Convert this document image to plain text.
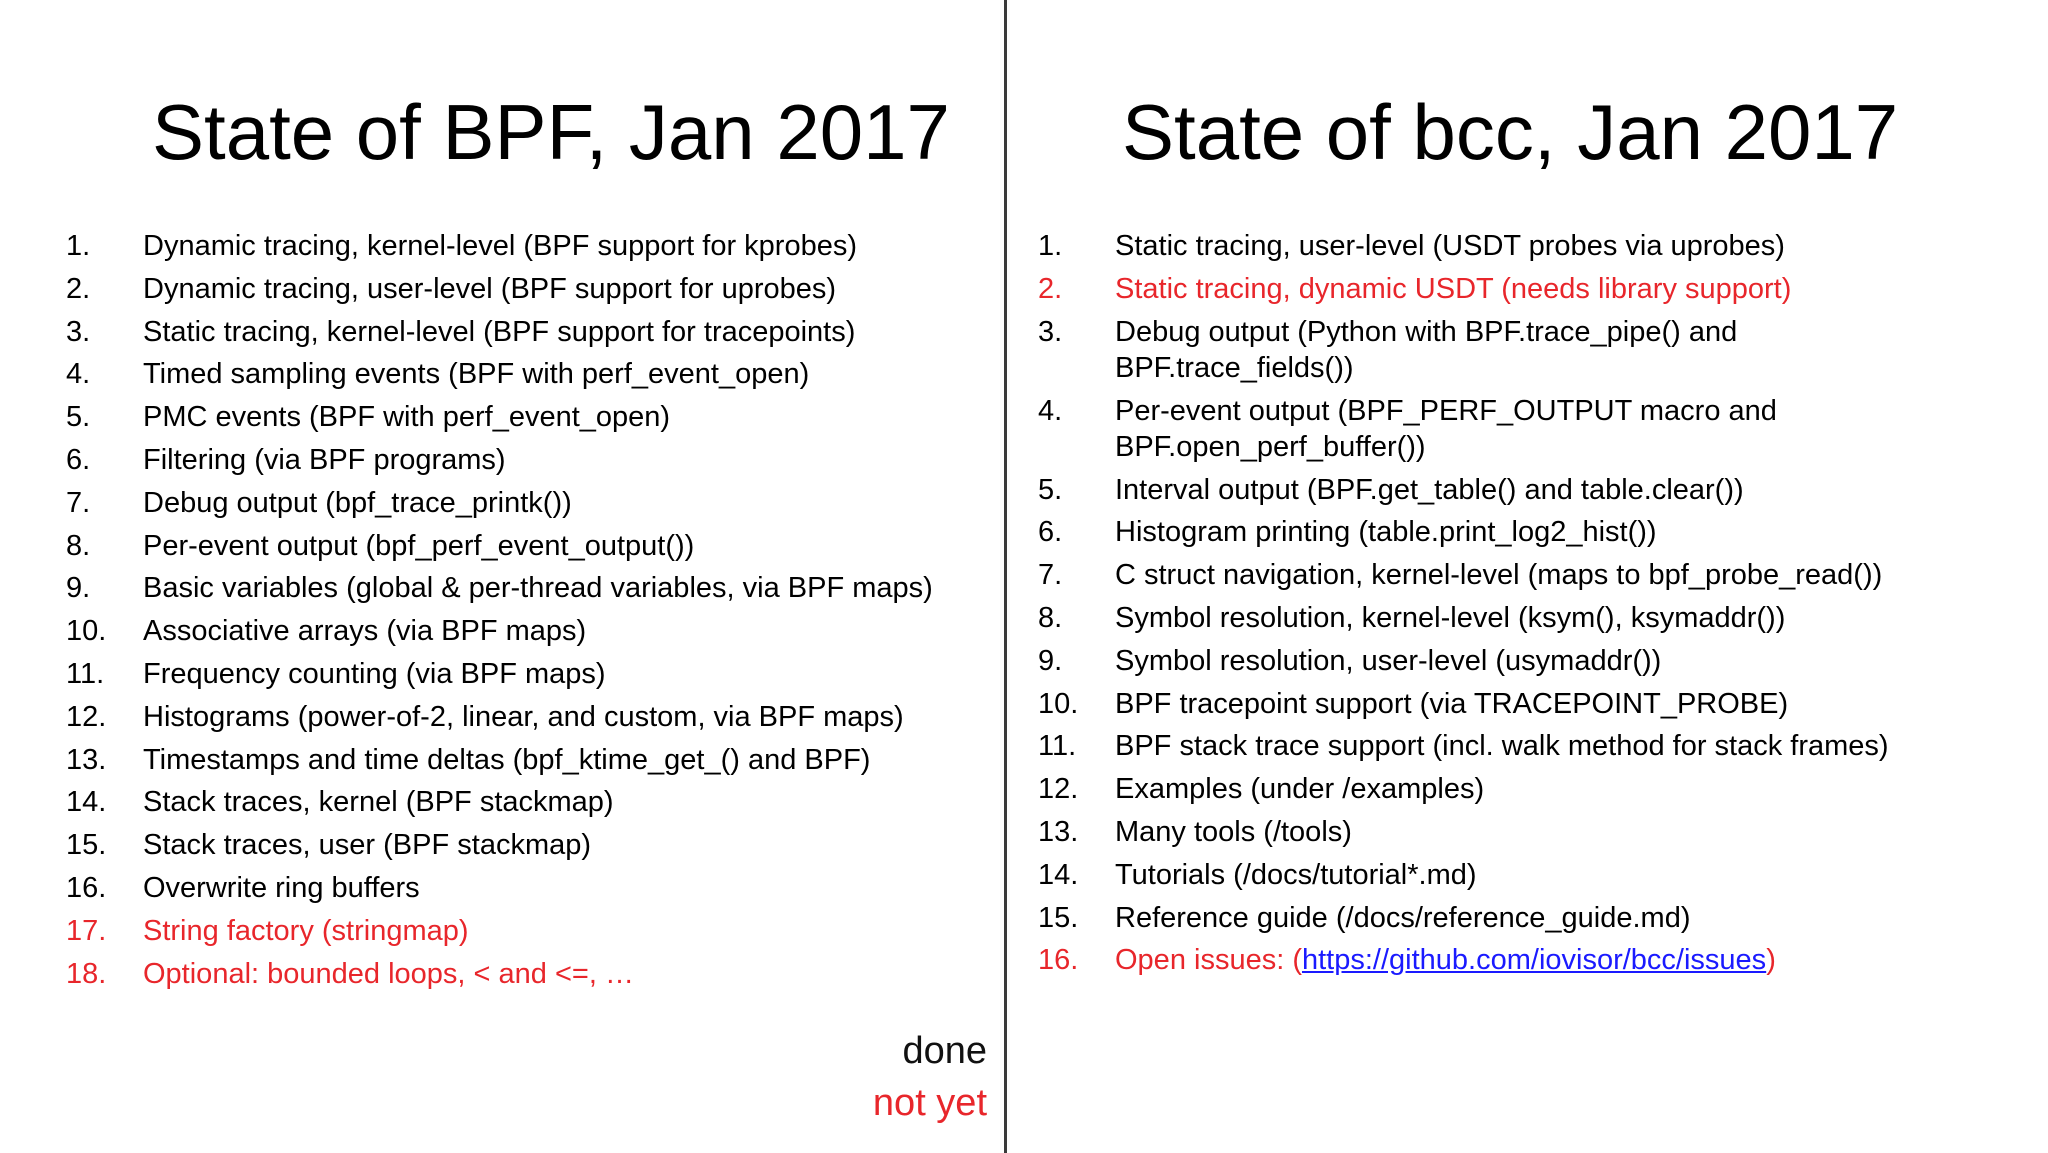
State of BPF, Jan 2017 State of bcc, Jan 2017
1.	Dynamic tracing, kernel-level (BPF support for kprobes)
2.	Dynamic tracing, user-level (BPF support for uprobes)
3.	Static tracing, kernel-level (BPF support for tracepoints)
4.	Timed sampling events (BPF with perf_event_open)
5.	PMC events (BPF with perf_event_open)
6.	Filtering (via BPF programs)
7.	Debug output (bpf_trace_printk())
8.	Per-event output (bpf_perf_event_output())
9.	Basic variables (global & per-thread variables, via BPF maps)
10.	Associative arrays (via BPF maps)
11.	Frequency counting (via BPF maps)
12.	Histograms (power-of-2, linear, and custom, via BPF maps)
13.	Timestamps and time deltas (bpf_ktime_get_() and BPF)
14.	Stack traces, kernel (BPF stackmap)
15.	Stack traces, user (BPF stackmap)
16.	Overwrite ring buffers
17.	String factory (stringmap)
18.	Optional: bounded loops, < and <=, …
1.	Static tracing, user-level (USDT probes via uprobes)
2.	Static tracing, dynamic USDT (needs library support)
3.	Debug output (Python with BPF.trace_pipe() and BPF.trace_fields())
4.	Per-event output (BPF_PERF_OUTPUT macro and BPF.open_perf_buffer())
5.	Interval output (BPF.get_table() and table.clear())
6.	Histogram printing (table.print_log2_hist())
7.	C struct navigation, kernel-level (maps to bpf_probe_read())
8.	Symbol resolution, kernel-level (ksym(), ksymaddr())
9.	Symbol resolution, user-level (usymaddr())
10.	BPF tracepoint support (via TRACEPOINT_PROBE)
11.	BPF stack trace support (incl. walk method for stack frames)
12.	Examples (under /examples)
13.	Many tools (/tools)
14.	Tutorials (/docs/tutorial*.md)
15.	Reference guide (/docs/reference_guide.md)
16.	Open issues: (https://github.com/iovisor/bcc/issues)
done
not yet
